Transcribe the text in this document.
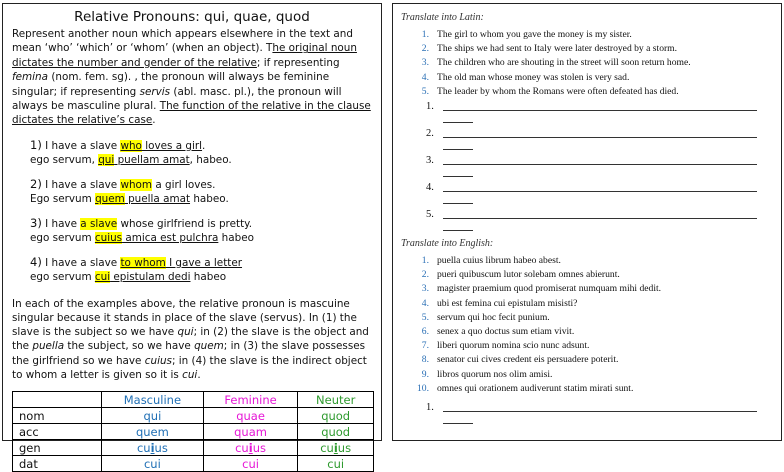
Relative Pronouns: qui, quae, quod

Represent another noun which appears elsewhere in the text and mean ‘who’ ‘which’ or ‘whom’ (when an object). The original noun dictates the number and gender of the relative; if representing femina (nom. fem. sg). , the pronoun will always be feminine singular; if representing servis (abl. masc. pl.), the pronoun will always be masculine plural. The function of the relative in the clause dictates the relative’s case.

1) I have a slave who loves a girl.
ego servum, qui puellam amat, habeo.
2) I have a slave whom a girl loves.
Ego servum quem puella amat habeo.
3) I have a slave whose girlfriend is pretty.
ego servum cuius amica est pulchra habeo
4) I have a slave to whom I gave a letter
ego servum cui epistulam dedi habeo

In each of the examples above, the relative pronoun is mascuine singular because it stands in place of the slave (servus). In (1) the slave is the subject so we have qui; in (2) the slave is the object and the puella the subject, so we have quem; in (3) the slave possesses the girlfriend so we have cuius; in (4) the slave is the indirect object to whom a letter is given so it is cui.

	Masculine	Feminine	Neuter
nom	qui	quae	quod
acc	quem	quam	quod
gen	cuius	cuius	cuius
dat	cui	cui	cui
Translate into Latin:
1. The girl to whom you gave the money is my sister.
2. The ships we had sent to Italy were later destroyed by a storm.
3. The children who are shouting in the street will soon return home.
4. The old man whose money was stolen is very sad.
5. The leader by whom the Romans were often defeated has died.
1.
2.
3.
4.
5.
Translate into English:
1. puella cuius librum habeo abest.
2. pueri quibuscum lutor solebam omnes abierunt.
3. magister praemium quod promiserat numquam mihi dedit.
4. ubi est femina cui epistulam misisti?
5. servum qui hoc fecit punium.
6. senex a quo doctus sum etiam vivit.
7. liberi quorum nomina scio nunc adsunt.
8. senator cui cives credent eis persuadere poterit.
9. libros quorum nos olim amisi.
10. omnes qui orationem audiverunt statim mirati sunt.
1.
